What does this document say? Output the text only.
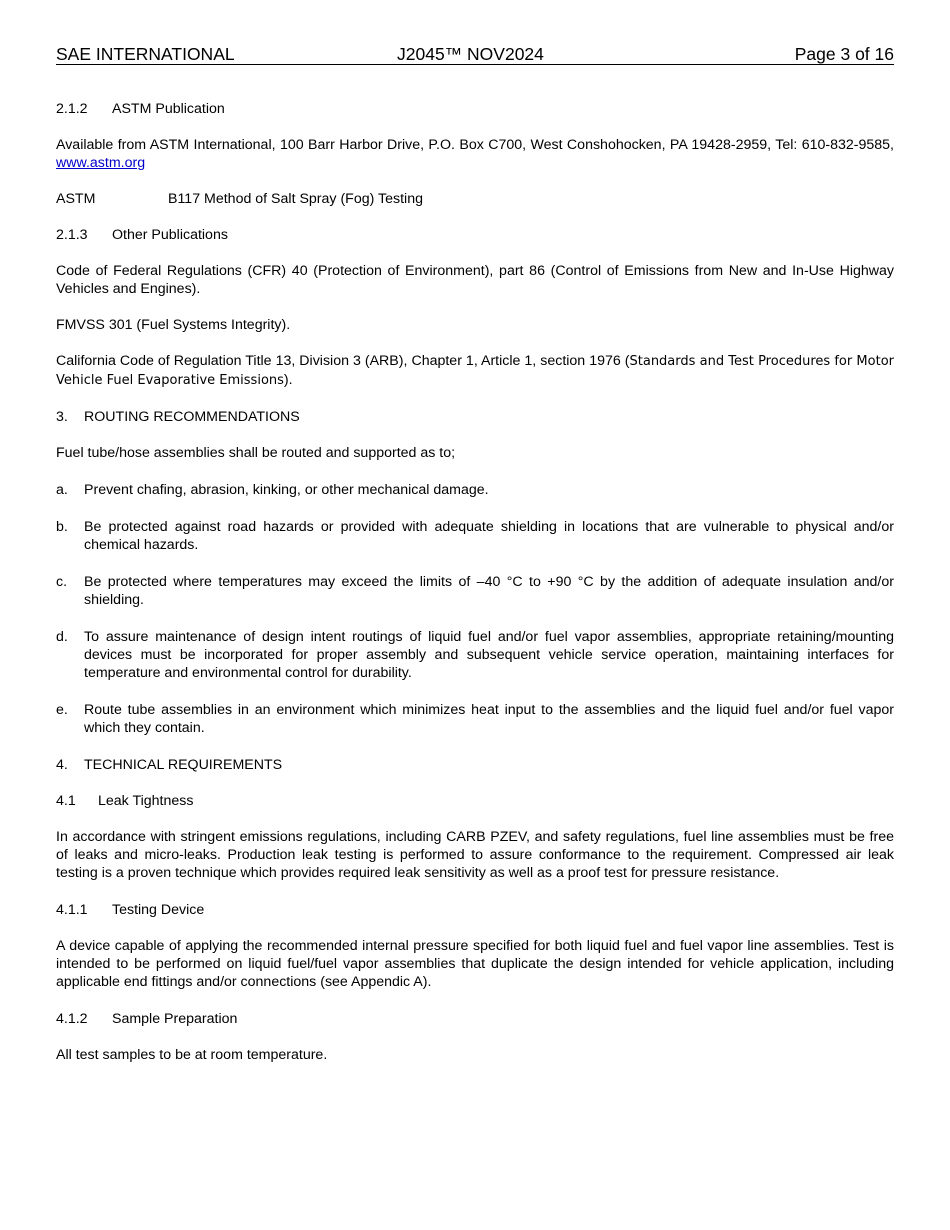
SAE INTERNATIONAL	J2045™ NOV2024	Page 3 of 16

2.1.2 ASTM Publication

Available from ASTM International, 100 Barr Harbor Drive, P.O. Box C700, West Conshohocken, PA 19428-2959, Tel: 610-832-9585, www.astm.org

ASTM	B117 Method of Salt Spray (Fog) Testing

2.1.3 Other Publications

Code of Federal Regulations (CFR) 40 (Protection of Environment), part 86 (Control of Emissions from New and In-Use Highway Vehicles and Engines).

FMVSS 301 (Fuel Systems Integrity).

California Code of Regulation Title 13, Division 3 (ARB), Chapter 1, Article 1, section 1976 (Standards and Test Procedures for Motor Vehicle Fuel Evaporative Emissions).

3. ROUTING RECOMMENDATIONS

Fuel tube/hose assemblies shall be routed and supported as to;

a. Prevent chafing, abrasion, kinking, or other mechanical damage.
b. Be protected against road hazards or provided with adequate shielding in locations that are vulnerable to physical and/or chemical hazards.
c. Be protected where temperatures may exceed the limits of –40 °C to +90 °C by the addition of adequate insulation and/or shielding.
d. To assure maintenance of design intent routings of liquid fuel and/or fuel vapor assemblies, appropriate retaining/mounting devices must be incorporated for proper assembly and subsequent vehicle service operation, maintaining interfaces for temperature and environmental control for durability.
e. Route tube assemblies in an environment which minimizes heat input to the assemblies and the liquid fuel and/or fuel vapor which they contain.

4. TECHNICAL REQUIREMENTS

4.1 Leak Tightness

In accordance with stringent emissions regulations, including CARB PZEV, and safety regulations, fuel line assemblies must be free of leaks and micro-leaks. Production leak testing is performed to assure conformance to the requirement. Compressed air leak testing is a proven technique which provides required leak sensitivity as well as a proof test for pressure resistance.

4.1.1 Testing Device

A device capable of applying the recommended internal pressure specified for both liquid fuel and fuel vapor line assemblies. Test is intended to be performed on liquid fuel/fuel vapor assemblies that duplicate the design intended for vehicle application, including applicable end fittings and/or connections (see Appendic A).

4.1.2 Sample Preparation

All test samples to be at room temperature.
